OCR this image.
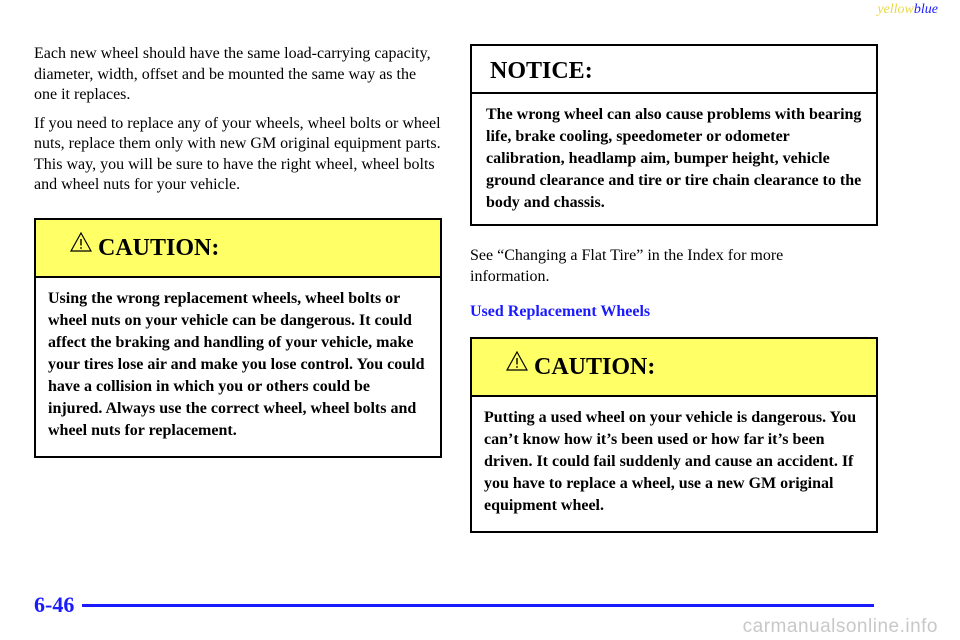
yellowblue

Each new wheel should have the same load-carrying capacity, diameter, width, offset and be mounted the same way as the one it replaces.

If you need to replace any of your wheels, wheel bolts or wheel nuts, replace them only with new GM original equipment parts. This way, you will be sure to have the right wheel, wheel bolts and wheel nuts for your vehicle.

CAUTION:
Using the wrong replacement wheels, wheel bolts or wheel nuts on your vehicle can be dangerous. It could affect the braking and handling of your vehicle, make your tires lose air and make you lose control. You could have a collision in which you or others could be injured. Always use the correct wheel, wheel bolts and wheel nuts for replacement.
NOTICE:
The wrong wheel can also cause problems with bearing life, brake cooling, speedometer or odometer calibration, headlamp aim, bumper height, vehicle ground clearance and tire or tire chain clearance to the body and chassis.

See “Changing a Flat Tire” in the Index for more information.

Used Replacement Wheels
CAUTION:
Putting a used wheel on your vehicle is dangerous. You can’t know how it’s been used or how far it’s been driven. It could fail suddenly and cause an accident. If you have to replace a wheel, use a new GM original equipment wheel.
6-46
carmanualsonline.info
